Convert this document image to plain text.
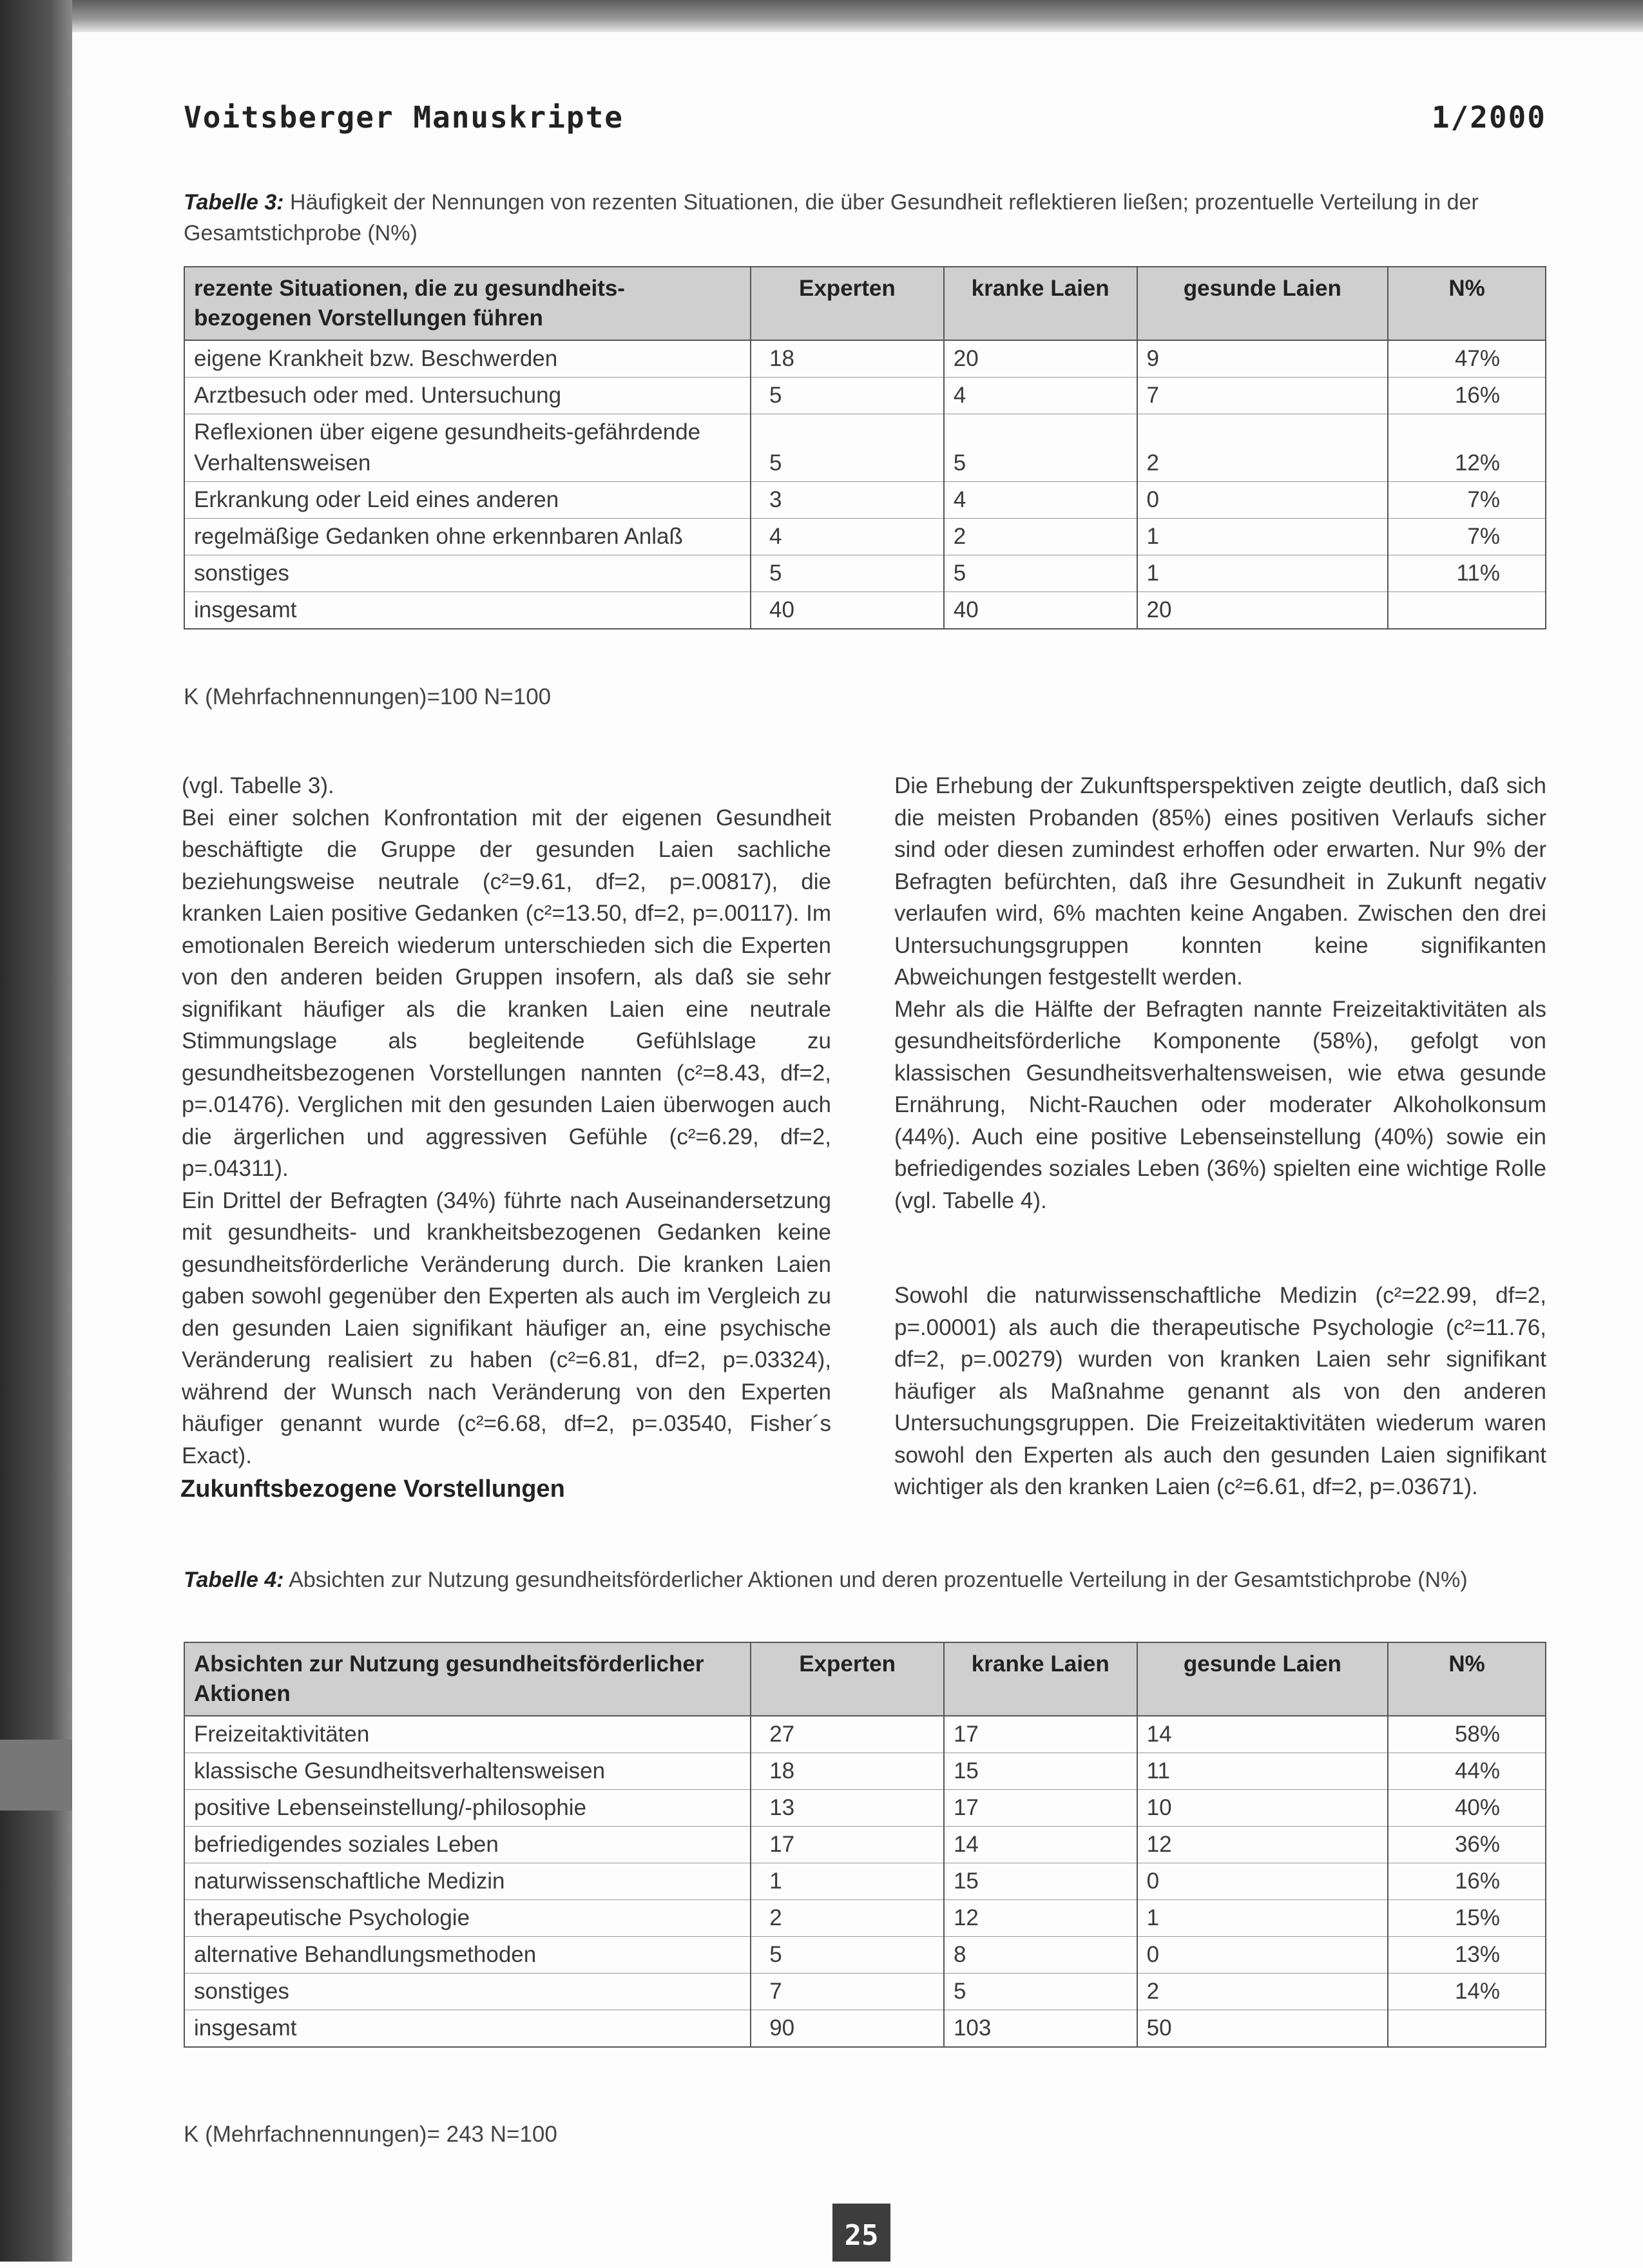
Voitsberger Manuskripte	1/2000
Tabelle 3: Häufigkeit der Nennungen von rezenten Situationen, die über Gesundheit reflektieren ließen; prozentuelle Verteilung in der Gesamtstichprobe (N%)
rezente Situationen, die zu gesundheits-bezogenen Vorstellungen führen	Experten	kranke Laien	gesunde Laien	N%
eigene Krankheit bzw. Beschwerden	18	20	9	47%
Arztbesuch oder med. Untersuchung	5	4	7	16%
Reflexionen über eigene gesundheits-gefährdende Verhaltensweisen	5	5	2	12%
Erkrankung oder Leid eines anderen	3	4	0	7%
regelmäßige Gedanken ohne erkennbaren Anlaß	4	2	1	7%
sonstiges	5	5	1	11%
insgesamt	40	40	20	
K (Mehrfachnennungen)=100 N=100

(vgl. Tabelle 3).

Bei einer solchen Konfrontation mit der eigenen Gesundheit beschäftigte die Gruppe der gesunden Laien sachliche beziehungsweise neutrale (c²=9.61, df=2, p=.00817), die kranken Laien positive Gedanken (c²=13.50, df=2, p=.00117). Im emotionalen Bereich wiederum unterschieden sich die Experten von den anderen beiden Gruppen insofern, als daß sie sehr signifikant häufiger als die kranken Laien eine neutrale Stimmungslage als begleitende Gefühlslage zu gesundheitsbezogenen Vorstellungen nannten (c²=8.43, df=2, p=.01476). Verglichen mit den gesunden Laien überwogen auch die ärgerlichen und aggressiven Gefühle (c²=6.29, df=2, p=.04311).

Ein Drittel der Befragten (34%) führte nach Auseinandersetzung mit gesundheits- und krankheitsbezogenen Gedanken keine gesundheitsförderliche Veränderung durch. Die kranken Laien gaben sowohl gegenüber den Experten als auch im Vergleich zu den gesunden Laien signifikant häufiger an, eine psychische Veränderung realisiert zu haben (c²=6.81, df=2, p=.03324), während der Wunsch nach Veränderung von den Experten häufiger genannt wurde (c²=6.68, df=2, p=.03540, Fisher´s Exact).

Zukunftsbezogene Vorstellungen

Die Erhebung der Zukunftsperspektiven zeigte deutlich, daß sich die meisten Probanden (85%) eines positiven Verlaufs sicher sind oder diesen zumindest erhoffen oder erwarten. Nur 9% der Befragten befürchten, daß ihre Gesundheit in Zukunft negativ verlaufen wird, 6% machten keine Angaben. Zwischen den drei Untersuchungsgruppen konnten keine signifikanten Abweichungen festgestellt werden.

Mehr als die Hälfte der Befragten nannte Freizeitaktivitäten als gesundheitsförderliche Komponente (58%), gefolgt von klassischen Gesundheitsverhaltensweisen, wie etwa gesunde Ernährung, Nicht-Rauchen oder moderater Alkoholkonsum (44%). Auch eine positive Lebenseinstellung (40%) sowie ein befriedigendes soziales Leben (36%) spielten eine wichtige Rolle (vgl. Tabelle 4).

Sowohl die naturwissenschaftliche Medizin (c²=22.99, df=2, p=.00001) als auch die therapeutische Psychologie (c²=11.76, df=2, p=.00279) wurden von kranken Laien sehr signifikant häufiger als Maßnahme genannt als von den anderen Untersuchungsgruppen. Die Freizeitaktivitäten wiederum waren sowohl den Experten als auch den gesunden Laien signifikant wichtiger als den kranken Laien (c²=6.61, df=2, p=.03671).

Tabelle 4: Absichten zur Nutzung gesundheitsförderlicher Aktionen und deren prozentuelle Verteilung in der Gesamtstichprobe (N%)
Absichten zur Nutzung gesundheitsförderlicher Aktionen	Experten	kranke Laien	gesunde Laien	N%
Freizeitaktivitäten	27	17	14	58%
klassische Gesundheitsverhaltensweisen	18	15	11	44%
positive Lebenseinstellung/-philosophie	13	17	10	40%
befriedigendes soziales Leben	17	14	12	36%
naturwissenschaftliche Medizin	1	15	0	16%
therapeutische Psychologie	2	12	1	15%
alternative Behandlungsmethoden	5	8	0	13%
sonstiges	7	5	2	14%
insgesamt	90	103	50	
K (Mehrfachnennungen)= 243 N=100
25
